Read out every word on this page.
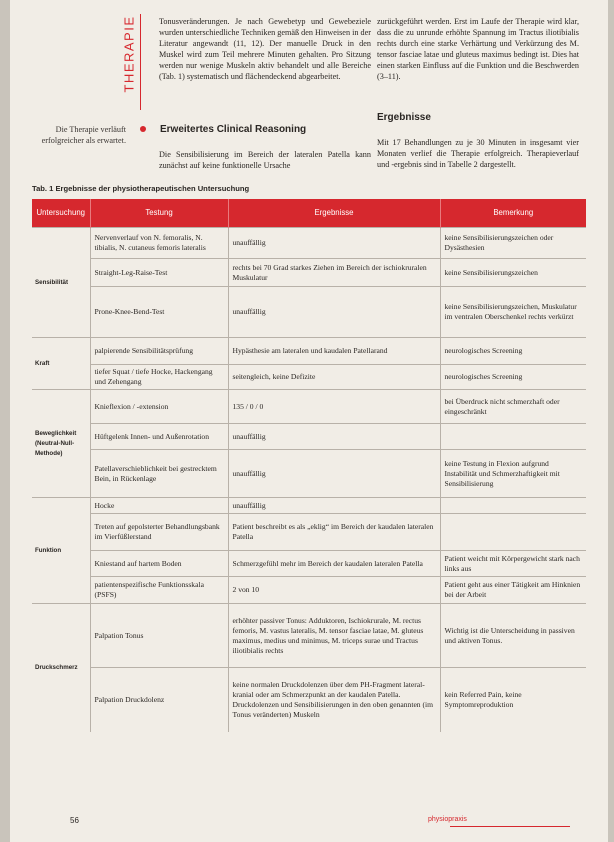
THERAPIE	Tonusveränderungen. Je nach Gewebetyp und Gewebeziele wurden unterschiedliche Techniken gemäß den Hinweisen in der Literatur angewandt (11, 12). Der manuelle Druck in den Muskel wird zum Teil mehrere Minuten gehalten. Pro Sitzung werden nur wenige Muskeln aktiv behandelt und alle Bereiche (Tab. 1) systematisch und flächendeckend abgearbeitet.
Erweitertes Clinical Reasoning
Die Sensibilisierung im Bereich der lateralen Patella kann zunächst auf keine funktionelle Ursache
zurückgeführt werden. Erst im Laufe der Therapie wird klar, dass die zu unrunde erhöhte Spannung im Tractus iliotibialis rechts durch eine starke Verhärtung und Verkürzung des M. tensor fasciae latae und gluteus maximus bedingt ist. Dies hat einen starken Einfluss auf die Funktion und die Beschwerden (3–11).
Ergebnisse
Mit 17 Behandlungen zu je 30 Minuten in insgesamt vier Monaten verlief die Therapie erfolgreich. Therapieverlauf und -ergebnis sind in Tabelle 2 dargestellt.
Die Therapie verläuft erfolgreicher als erwartet.
Tab. 1 Ergebnisse der physiotherapeutischen Untersuchung
Untersuchung	Testung	Ergebnisse	Bemerkung
Sensibilität	Nervenverlauf von N. femoralis, N. tibialis, N. cutaneus femoris lateralis	unauffällig	keine Sensibilisierungszeichen oder Dysästhesien
	Straight-Leg-Raise-Test	rechts bei 70 Grad starkes Ziehen im Bereich der ischiokruralen Muskulatur	keine Sensibilisierungszeichen
	Prone-Knee-Bend-Test	unauffällig	keine Sensibilisierungszeichen, Muskulatur im ventralen Oberschenkel rechts verkürzt
Kraft	palpierende Sensibilitätsprüfung	Hypästhesie am lateralen und kaudalen Patellarand	neurologisches Screening
	tiefer Squat / tiefe Hocke, Hackengang und Zehengang	seitengleich, keine Defizite	neurologisches Screening
Beweglichkeit (Neutral-Null-Methode)	Knieflexion / -extension	135 / 0 / 0	bei Überdruck nicht schmerzhaft oder eingeschränkt
	Hüftgelenk Innen- und Außenrotation	unauffällig	
	Patellaverschieblichkeit bei gestrecktem Bein, in Rückenlage	unauffällig	keine Testung in Flexion aufgrund Instabilität und Schmerzhaftigkeit mit Sensibilisierung
Funktion	Hocke	unauffällig	
	Treten auf gepolsterter Behandlungsbank im Vierfüßlerstand	Patient beschreibt es als „eklig“ im Bereich der kaudalen lateralen Patella	
	Kniestand auf hartem Boden	Schmerzgefühl mehr im Bereich der kaudalen lateralen Patella	Patient weicht mit Körpergewicht stark nach links aus
	patientenspezifische Funktionsskala (PSFS)	2 von 10	Patient geht aus einer Tätigkeit am Hinknien bei der Arbeit
Druckschmerz	Palpation Tonus	erhöhter passiver Tonus: Adduktoren, Ischiokrurale, M. rectus femoris, M. vastus lateralis, M. tensor fasciae latae, M. gluteus maximus, medius und minimus, M. triceps surae und Tractus iliotibialis rechts	Wichtig ist die Unterscheidung in passiven und aktiven Tonus.
	Palpation Druckdolenz	keine normalen Druckdolenzen über dem PH-Fragment lateral-kranial oder am Schmerzpunkt an der kaudalen Patella. Druckdolenzen und Sensibilisierungen in den oben genannten (im Tonus veränderten) Muskeln	kein Referred Pain, keine Symptomreproduktion
56	physiopraxis
